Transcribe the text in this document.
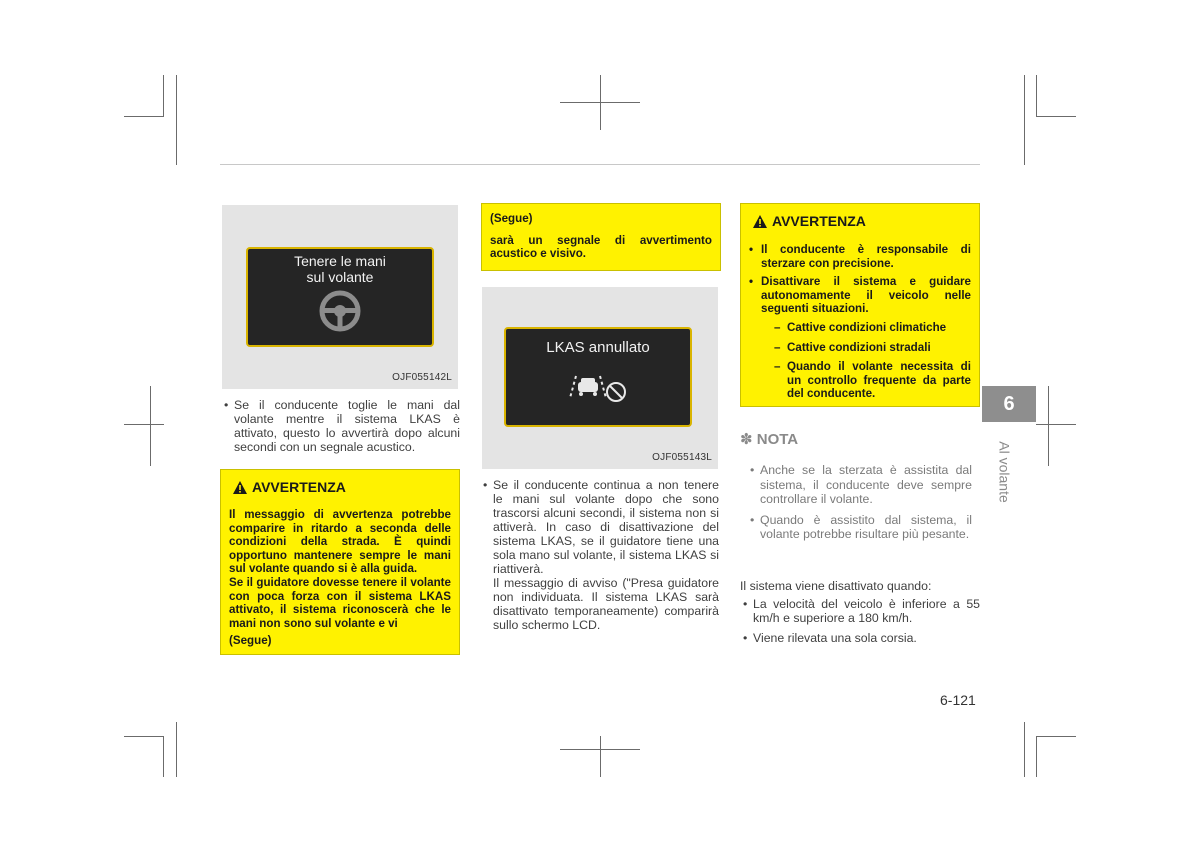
Tenere le mani
sul volante
OJF055142L
• Se il conducente toglie le mani dal volante mentre il sistema LKAS è attivato, questo lo avvertirà dopo alcuni secondi con un segnale acustico.
AVVERTENZA
Il messaggio di avvertenza potrebbe comparire in ritardo a seconda delle condizioni della strada. È quindi opportuno mantenere sempre le mani sul volante quando si è alla guida.
Se il guidatore dovesse tenere il volante con poca forza con il sistema LKAS attivato, il sistema riconoscerà che le mani non sono sul volante e vi
(Segue)
(Segue)
sarà un segnale di avvertimento acustico e visivo.
LKAS annullato
OJF055143L
• Se il conducente continua a non tenere le mani sul volante dopo che sono trascorsi alcuni secondi, il sistema non si attiverà. In caso di disattivazione del sistema LKAS, se il guidatore tiene una sola mano sul volante, il sistema LKAS si riattiverà.
Il messaggio di avviso ("Presa guidatore non individuata. Il sistema LKAS sarà disattivato temporaneamente) comparirà sullo schermo LCD.
AVVERTENZA
• Il conducente è responsabile di sterzare con precisione.
• Disattivare il sistema e guidare autonomamente il veicolo nelle seguenti situazioni.
– Cattive condizioni climatiche
– Cattive condizioni stradali
– Quando il volante necessita di un controllo frequente da parte del conducente.
✽ NOTA
• Anche se la sterzata è assistita dal sistema, il conducente deve sempre controllare il volante.
• Quando è assistito dal sistema, il volante potrebbe risultare più pesante.
Il sistema viene disattivato quando:
• La velocità del veicolo è inferiore a 55 km/h e superiore a 180 km/h.
• Viene rilevata una sola corsia.
6
Al volante
6-121
